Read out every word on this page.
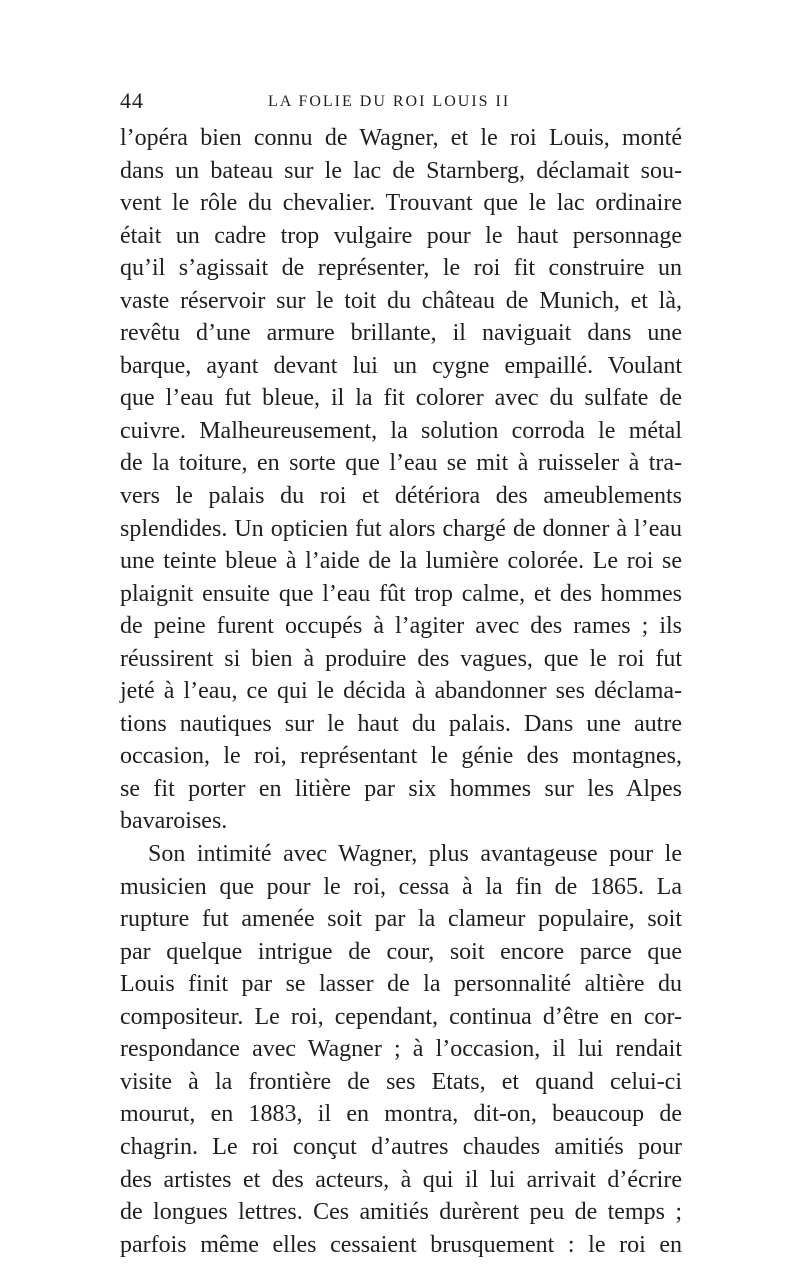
44	LA FOLIE DU ROI LOUIS II
l’opéra bien connu de Wagner, et le roi Louis, monté
dans un bateau sur le lac de Starnberg, déclamait sou-
vent le rôle du chevalier. Trouvant que le lac ordinaire
était un cadre trop vulgaire pour le haut personnage
qu’il s’agissait de représenter, le roi fit construire un
vaste réservoir sur le toit du château de Munich, et là,
revêtu d’une armure brillante, il naviguait dans une
barque, ayant devant lui un cygne empaillé. Voulant
que l’eau fut bleue, il la fit colorer avec du sulfate de
cuivre. Malheureusement, la solution corroda le métal
de la toiture, en sorte que l’eau se mit à ruisseler à tra-
vers le palais du roi et détériora des ameublements
splendides. Un opticien fut alors chargé de donner à l’eau
une teinte bleue à l’aide de la lumière colorée. Le roi se
plaignit ensuite que l’eau fût trop calme, et des hommes
de peine furent occupés à l’agiter avec des rames ; ils
réussirent si bien à produire des vagues, que le roi fut
jeté à l’eau, ce qui le décida à abandonner ses déclama-
tions nautiques sur le haut du palais. Dans une autre
occasion, le roi, représentant le génie des montagnes,
se fit porter en litière par six hommes sur les Alpes
bavaroises.
Son intimité avec Wagner, plus avantageuse pour le
musicien que pour le roi, cessa à la fin de 1865. La
rupture fut amenée soit par la clameur populaire, soit
par quelque intrigue de cour, soit encore parce que
Louis finit par se lasser de la personnalité altière du
compositeur. Le roi, cependant, continua d’être en cor-
respondance avec Wagner ; à l’occasion, il lui rendait
visite à la frontière de ses Etats, et quand celui-ci
mourut, en 1883, il en montra, dit-on, beaucoup de
chagrin. Le roi conçut d’autres chaudes amitiés pour
des artistes et des acteurs, à qui il lui arrivait d’écrire
de longues lettres. Ces amitiés durèrent peu de temps ;
parfois même elles cessaient brusquement : le roi en
